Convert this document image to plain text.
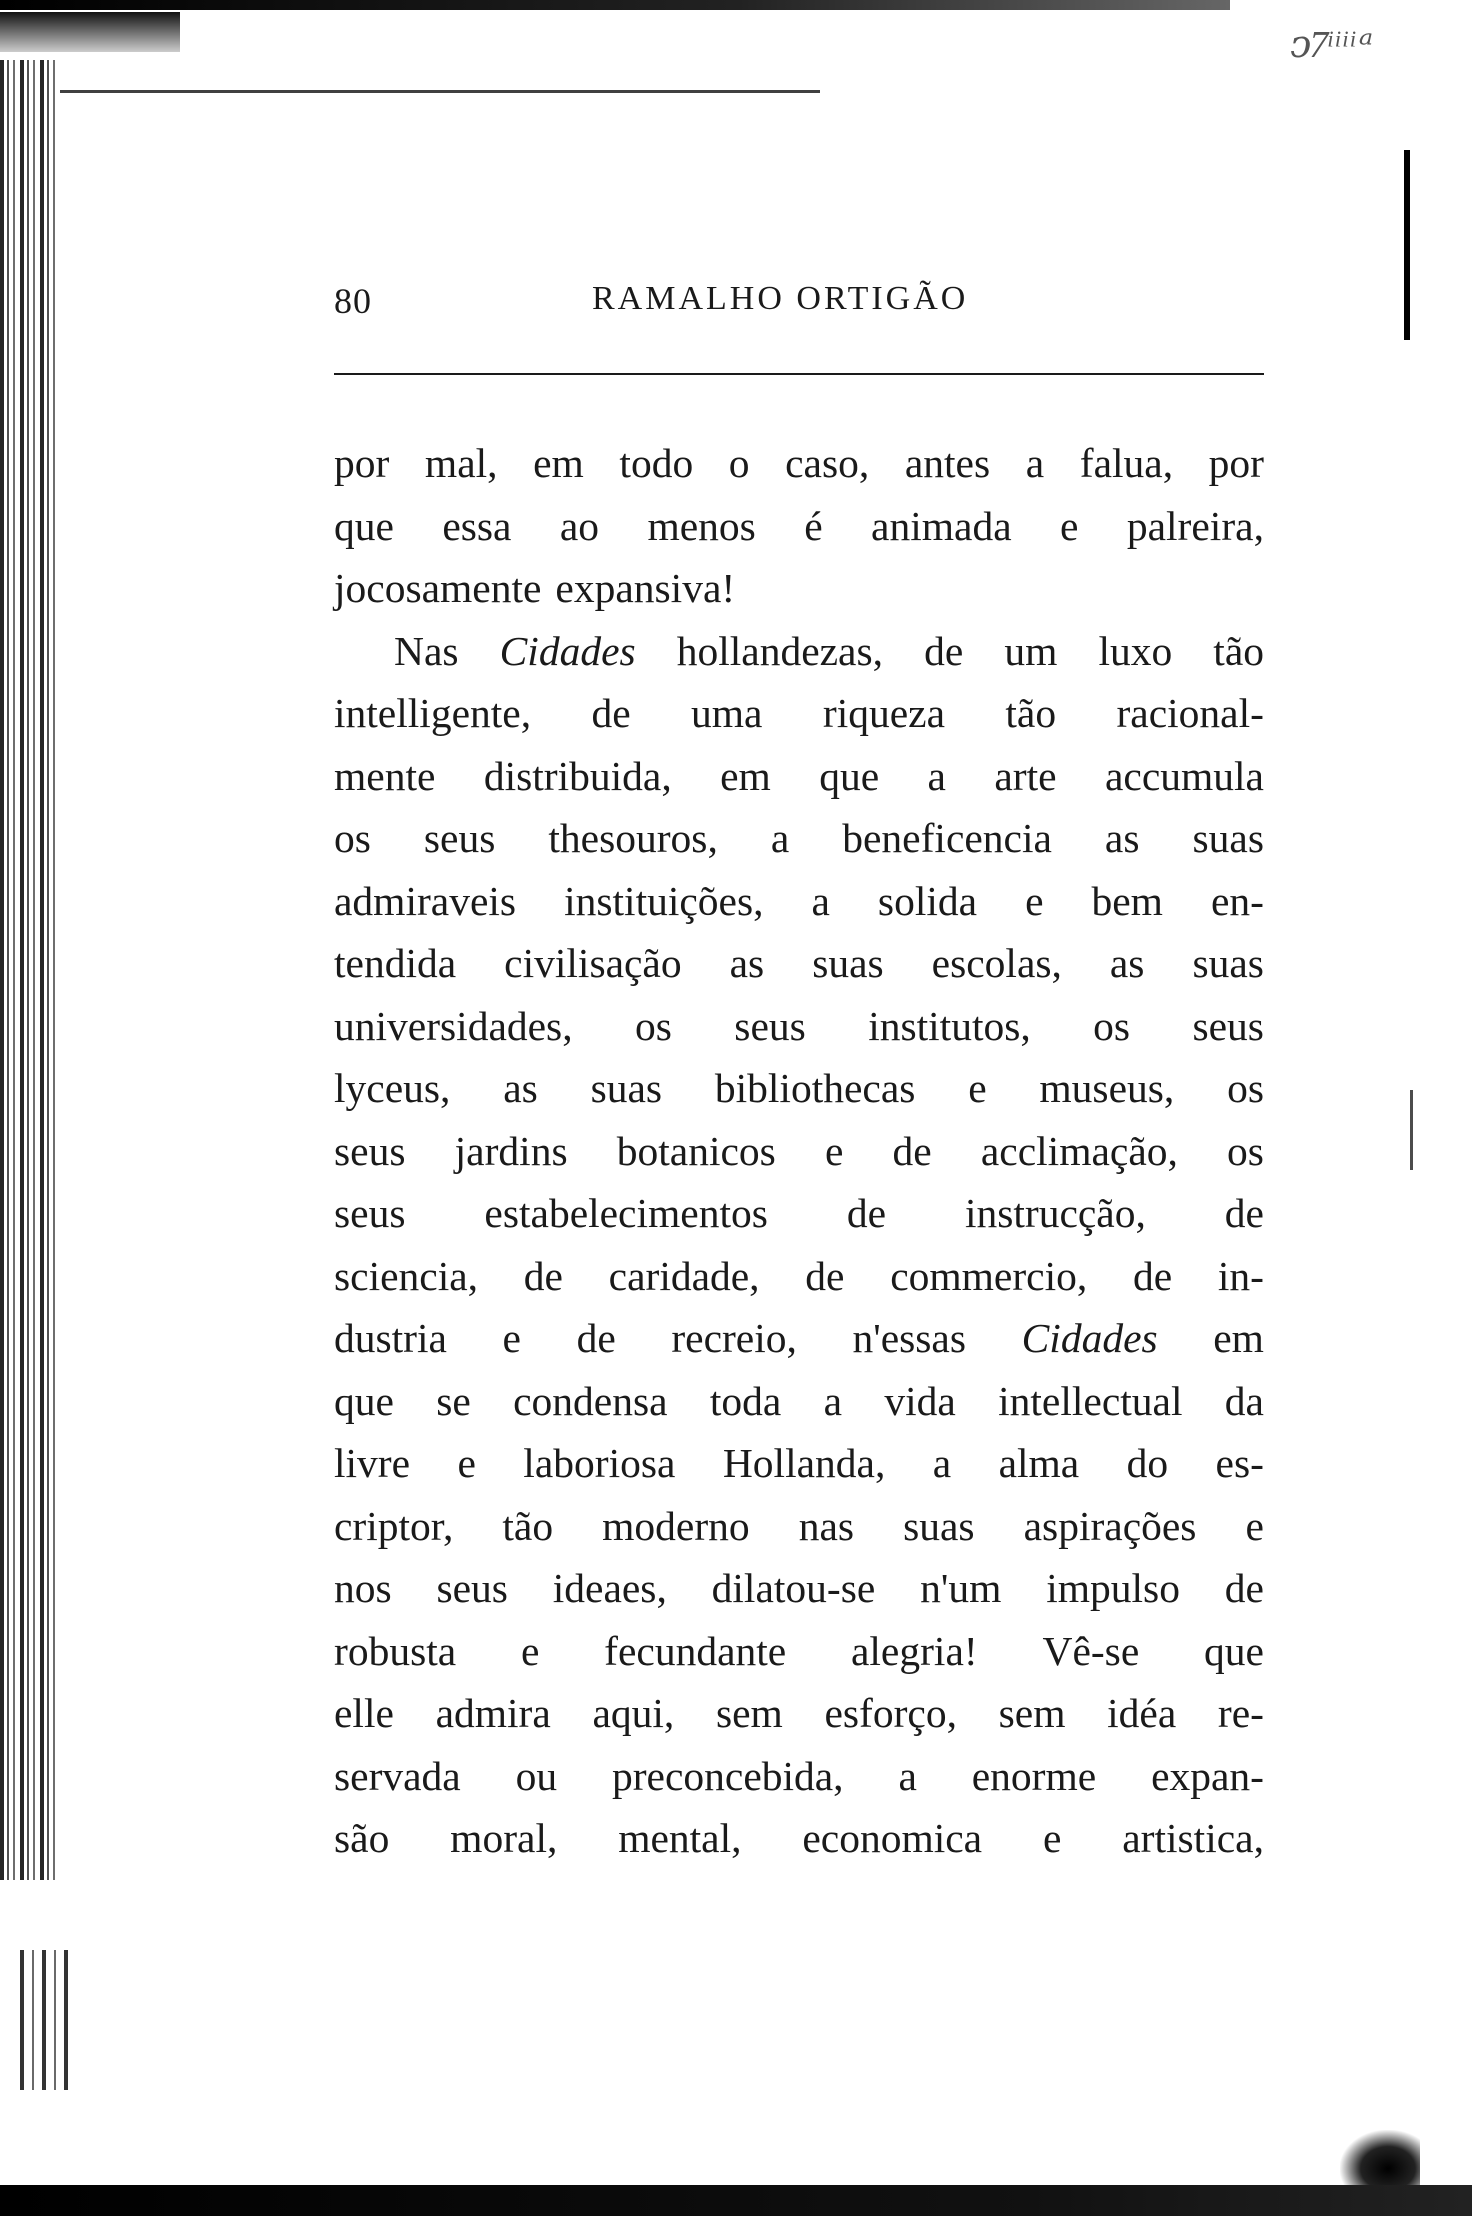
ↄ7ͥ ͥ ͥ ͥ ᵃ
80	RAMALHO ORTIGÃO
por mal, em todo o caso, antes a falua, por
que essa ao menos é animada e palreira,
jocosamente expansiva!
Nas Cidades hollandezas, de um luxo tão
intelligente, de uma riqueza tão racional-
mente distribuida, em que a arte accumula
os seus thesouros, a beneficencia as suas
admiraveis instituições, a solida e bem en-
tendida civilisação as suas escolas, as suas
universidades, os seus institutos, os seus
lyceus, as suas bibliothecas e museus, os
seus jardins botanicos e de acclimação, os
seus estabelecimentos de instrucção, de
sciencia, de caridade, de commercio, de in-
dustria e de recreio, n'essas Cidades em
que se condensa toda a vida intellectual da
livre e laboriosa Hollanda, a alma do es-
criptor, tão moderno nas suas aspirações e
nos seus ideaes, dilatou-se n'um impulso de
robusta e fecundante alegria! Vê-se que
elle admira aqui, sem esforço, sem idéa re-
servada ou preconcebida, a enorme expan-
são moral, mental, economica e artistica,
